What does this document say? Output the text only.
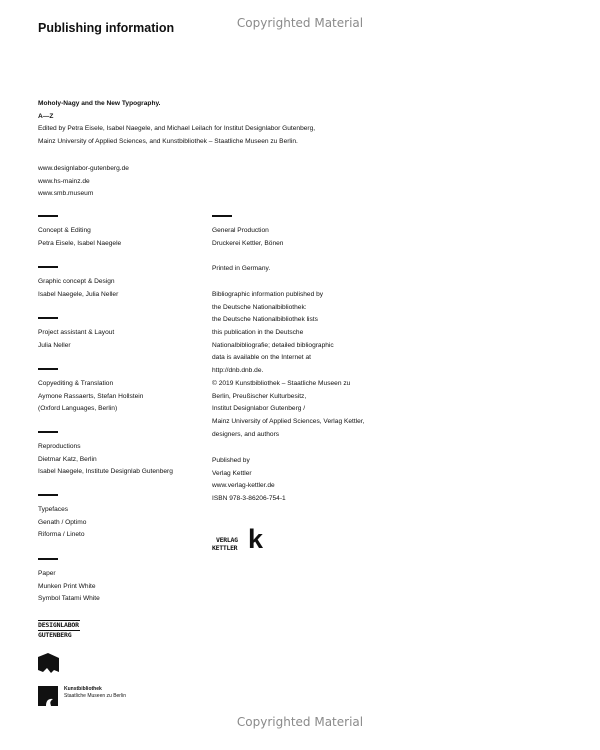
Copyrighted Material
Copyrighted Material
Publishing information
Moholy-Nagy and the New Typography.
A—Z
Edited by Petra Eisele, Isabel Naegele, and Michael Leilach for Institut Designlabor Gutenberg,
Mainz University of Applied Sciences, and Kunstbibliothek – Staatliche Museen zu Berlin.
www.designlabor-gutenberg.de
www.hs-mainz.de
www.smb.museum
Concept & Editing
Petra Eisele, Isabel Naegele
Graphic concept & Design
Isabel Naegele, Julia Neller
Project assistant & Layout
Julia Neller
Copyediting & Translation
Aymone Rassaerts, Stefan Hollstein
(Oxford Languages, Berlin)
Reproductions
Dietmar Katz, Berlin
Isabel Naegele, Institute Designlab Gutenberg
Typefaces
Genath / Optimo
Riforma / Lineto
Paper
Munken Print White
Symbol Tatami White
General Production
Druckerei Kettler, Bönen
Printed in Germany.
Bibliographic information published by
the Deutsche Nationalbibliothek:
the Deutsche Nationalbibliothek lists
this publication in the Deutsche
Nationalbibliografie; detailed bibliographic
data is available on the Internet at
http://dnb.dnb.de.
© 2019 Kunstbibliothek – Staatliche Museen zu
Berlin, Preußischer Kulturbesitz,
Institut Designlabor Gutenberg /
Mainz University of Applied Sciences, Verlag Kettler,
designers, and authors
Published by
Verlag Kettler
www.verlag-kettler.de
ISBN 978-3-86206-754-1
k
VERLAG
KETTLER
DESIGNLABOR
GUTENBERG
Kunstbibliothek
Staatliche Museen zu Berlin
